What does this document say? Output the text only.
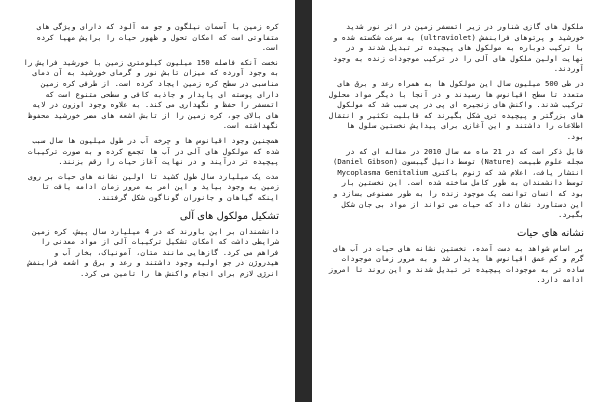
کره زمین با آسمان نیلگون و جو مه آلود که دارای ویژگی های متفاوتی است که امکان تحول و ظهور حیات را برایش مهیا کرده است.

نخست آنکه فاصله 150 میلیون کیلومتری زمین با خورشید فرایش را به وجود آورده که میزان تابش نور و گرمای خورشید به آن دمای مناسبی در سطح کره زمین ایجاد کرده است. از طرفی کره زمین دارای پوسته ای پایدار و جاذبه کافی و سطحی متنوع است که اتمسفر را حفظ و نگهداری می کند. به علاوه وجود اوزون در لایه های بالای جو، کره زمین را از تابش اشعه های مضر خورشید محفوظ نگهداشته است.

همچنین وجود اقیانوس ها و چرخه آب در طول میلیون ها سال سبب شده که مولکول های آلی در آب ها تجمع کرده و به صورت ترکیبات پیچیده تر درآیند و در نهایت آغاز حیات را رقم بزنند.

مدت یک میلیارد سال طول کشید تا اولین نشانه های حیات بر روی زمین به وجود بیاید و این امر به مرور زمان ادامه یافت تا اینکه گیاهان و جانوران گوناگون شکل گرفتند.

تشکیل مولکول های آلی

دانشمندان بر این باورند که در 4 میلیارد سال پیش، کره زمین شرایطی داشت که امکان تشکیل ترکیبات آلی از مواد معدنی را فراهم می کرد. گازهایی مانند متان، آمونیاک، بخار آب و هیدروژن در جو اولیه وجود داشتند و رعد و برق و اشعه فرابنفش انرژی لازم برای انجام واکنش ها را تامین می کرد.

ملکول های گازی شناور در زیر اتمسفر زمین در اثر نور شدید خورشید و پرتوهای فرابنفش (ultraviolet) به سرعت شکسته شده و با ترکیب دوباره به مولکول های پیچیده تر تبدیل شدند و در نهایت اولین ملکول های آلی را در ترکیب موجودات زنده به وجود آوردند.

در طی 500 میلیون سال این مولکول ها به همراه رعد و برق های متعدد تا سطح اقیانوس ها رسیدند و در آنجا با دیگر مواد محلول ترکیب شدند. واکنش های زنجیره ای پی در پی سبب شد که مولکول های بزرگتر و پیچیده تری شکل بگیرند که قابلیت تکثیر و انتقال اطلاعات را داشتند و این آغازی برای پیدایش نخستین سلول ها بود.

قابل ذکر است که در 21 ماه مه سال 2010 در مقاله ای که در مجله علوم طبیعت (Nature) توسط دانیل گیبسون (Daniel Gibson) انتشار یافت، اعلام شد که ژنوم باکتری Mycoplasma Genitalium توسط دانشمندان به طور کامل ساخته شده است. این نخستین بار بود که انسان توانست یک موجود زنده را به طور مصنوعی بسازد و این دستاورد نشان داد که حیات می تواند از مواد بی جان شکل بگیرد.

نشانه های حیات

بر اساس شواهد به دست آمده، نخستین نشانه های حیات در آب های گرم و کم عمق اقیانوس ها پدیدار شد و به مرور زمان موجودات ساده تر به موجودات پیچیده تر تبدیل شدند و این روند تا امروز ادامه دارد.
